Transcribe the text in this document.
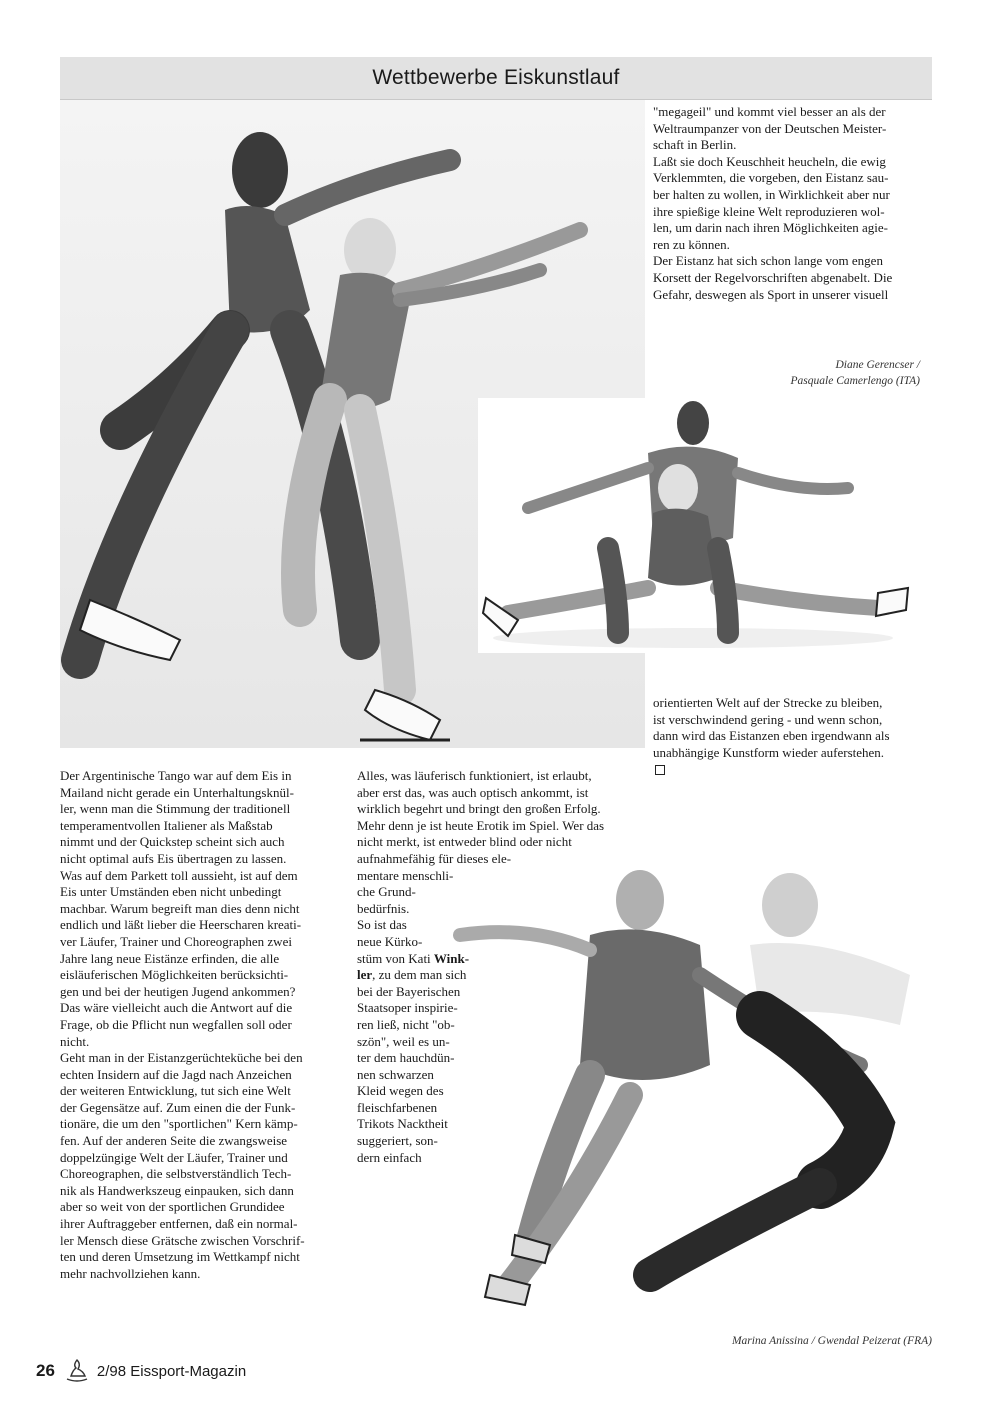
Wettbewerbe Eiskunstlauf

"megageil" und kommt viel besser an als der

Weltraumpanzer von der Deutschen Meister-

schaft in Berlin.

Laßt sie doch Keuschheit heucheln, die ewig

Verklemmten, die vorgeben, den Eistanz sau-

ber halten zu wollen, in Wirklichkeit aber nur

ihre spießige kleine Welt reproduzieren wol-

len, um darin nach ihren Möglichkeiten agie-

ren zu können.

Der Eistanz hat sich schon lange vom engen

Korsett der Regelvorschriften abgenabelt. Die

Gefahr, deswegen als Sport in unserer visuell

Diane Gerencser /
Pasquale Camerlengo (ITA)

orientierten Welt auf der Strecke zu bleiben,

ist verschwindend gering - und wenn schon,

dann wird das Eistanzen eben irgendwann als

unabhängige Kunstform wieder auferstehen.

Der Argentinische Tango war auf dem Eis in

Mailand nicht gerade ein Unterhaltungsknül-

ler, wenn man die Stimmung der traditionell

temperamentvollen Italiener als Maßstab

nimmt und der Quickstep scheint sich auch

nicht optimal aufs Eis übertragen zu lassen.

Was auf dem Parkett toll aussieht, ist auf dem

Eis unter Umständen eben nicht unbedingt

machbar. Warum begreift man dies denn nicht

endlich und läßt lieber die Heerscharen kreati-

ver Läufer, Trainer und Choreographen zwei

Jahre lang neue Eistänze erfinden, die alle

eisläuferischen Möglichkeiten berücksichti-

gen und bei der heutigen Jugend ankommen?

Das wäre vielleicht auch die Antwort auf die

Frage, ob die Pflicht nun wegfallen soll oder

nicht.

Geht man in der Eistanzgerüchteküche bei den

echten Insidern auf die Jagd nach Anzeichen

der weiteren Entwicklung, tut sich eine Welt

der Gegensätze auf. Zum einen die der Funk-

tionäre, die um den "sportlichen" Kern kämp-

fen. Auf der anderen Seite die zwangsweise

doppelzüngige Welt der Läufer, Trainer und

Choreographen, die selbstverständlich Tech-

nik als Handwerkszeug einpauken, sich dann

aber so weit von der sportlichen Grundidee

ihrer Auftraggeber entfernen, daß ein normal-

ler Mensch diese Grätsche zwischen Vorschrif-

ten und deren Umsetzung im Wettkampf nicht

mehr nachvollziehen kann.

Alles, was läuferisch funktioniert, ist erlaubt,

aber erst das, was auch optisch ankommt, ist

wirklich begehrt und bringt den großen Erfolg.

Mehr denn je ist heute Erotik im Spiel. Wer das

nicht merkt, ist entweder blind oder nicht

aufnahmefähig für dieses ele-

mentare menschli-

che Grund-

bedürfnis.

So ist das

neue Kürko-

stüm von Kati Wink-

ler, zu dem man sich

bei der Bayerischen

Staatsoper inspirie-

ren ließ, nicht "ob-

szön", weil es un-

ter dem hauchdün-

nen schwarzen

Kleid wegen des

fleischfarbenen

Trikots Nacktheit

suggeriert, son-

dern einfach

Marina Anissina / Gwendal Peizerat (FRA)
26	2/98 Eissport-Magazin
